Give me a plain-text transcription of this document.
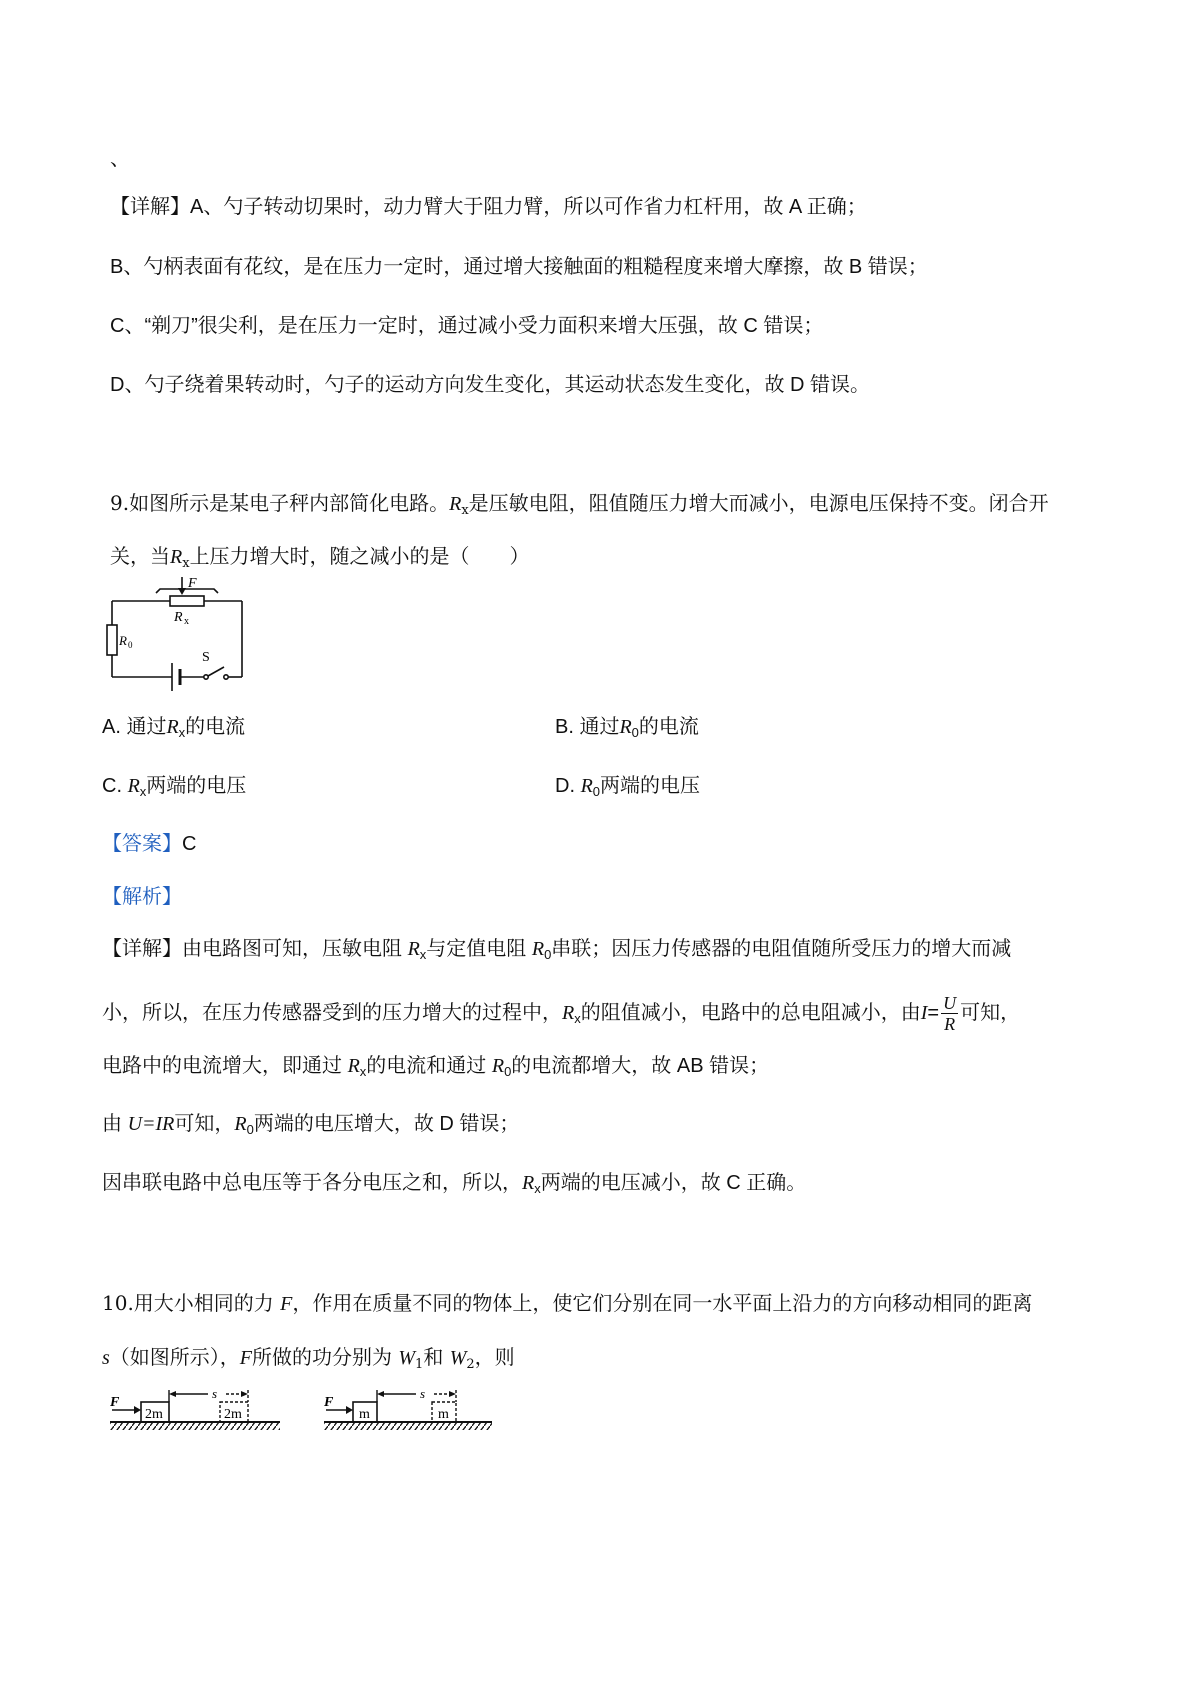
、
【详解】A、勺子转动切果时，动力臂大于阻力臂，所以可作省力杠杆用，故 A 正确；
B、勺柄表面有花纹，是在压力一定时，通过增大接触面的粗糙程度来增大摩擦，故 B 错误；
C、“剃刀”很尖利，是在压力一定时，通过减小受力面积来增大压强，故 C 错误；
D、勺子绕着果转动时，勺子的运动方向发生变化，其运动状态发生变化，故 D 错误。
9.如图所示是某电子秤内部简化电路。$R_x$是压敏电阻，阻值随压力增大而减小，电源电压保持不变。闭合开
关，当$R_x$上压力增大时，随之减小的是（　　）
F
R x
R 0
S
A. 通过$R_x$的电流	B. 通过$R_0$的电流
C. $R_x$两端的电压	D. $R_0$两端的电压
【答案】C
【解析】
【详解】由电路图可知，压敏电阻 $R_x$与定值电阻 $R_0$串联；因压力传感器的电阻值随所受压力的增大而减
小，所以，在压力传感器受到的压力增大的过程中，$R_x$的阻值减小，电路中的总电阻减小，由$I= \frac{U}{R}$ 可知，
电路中的电流增大，即通过 $R_x$的电流和通过 $R_0$的电流都增大，故 AB 错误；
由 U=IR可知，$R_0$两端的电压增大，故 D 错误；
因串联电路中总电压等于各分电压之和，所以，$R_x$两端的电压减小，故 C 正确。
10.用大小相同的力 F，作用在质量不同的物体上，使它们分别在同一水平面上沿力的方向移动相同的距离
s（如图所示），F所做的功分别为 $W_1$和 $W_2$，则
F
s
2m	2m
F
s
m	m
